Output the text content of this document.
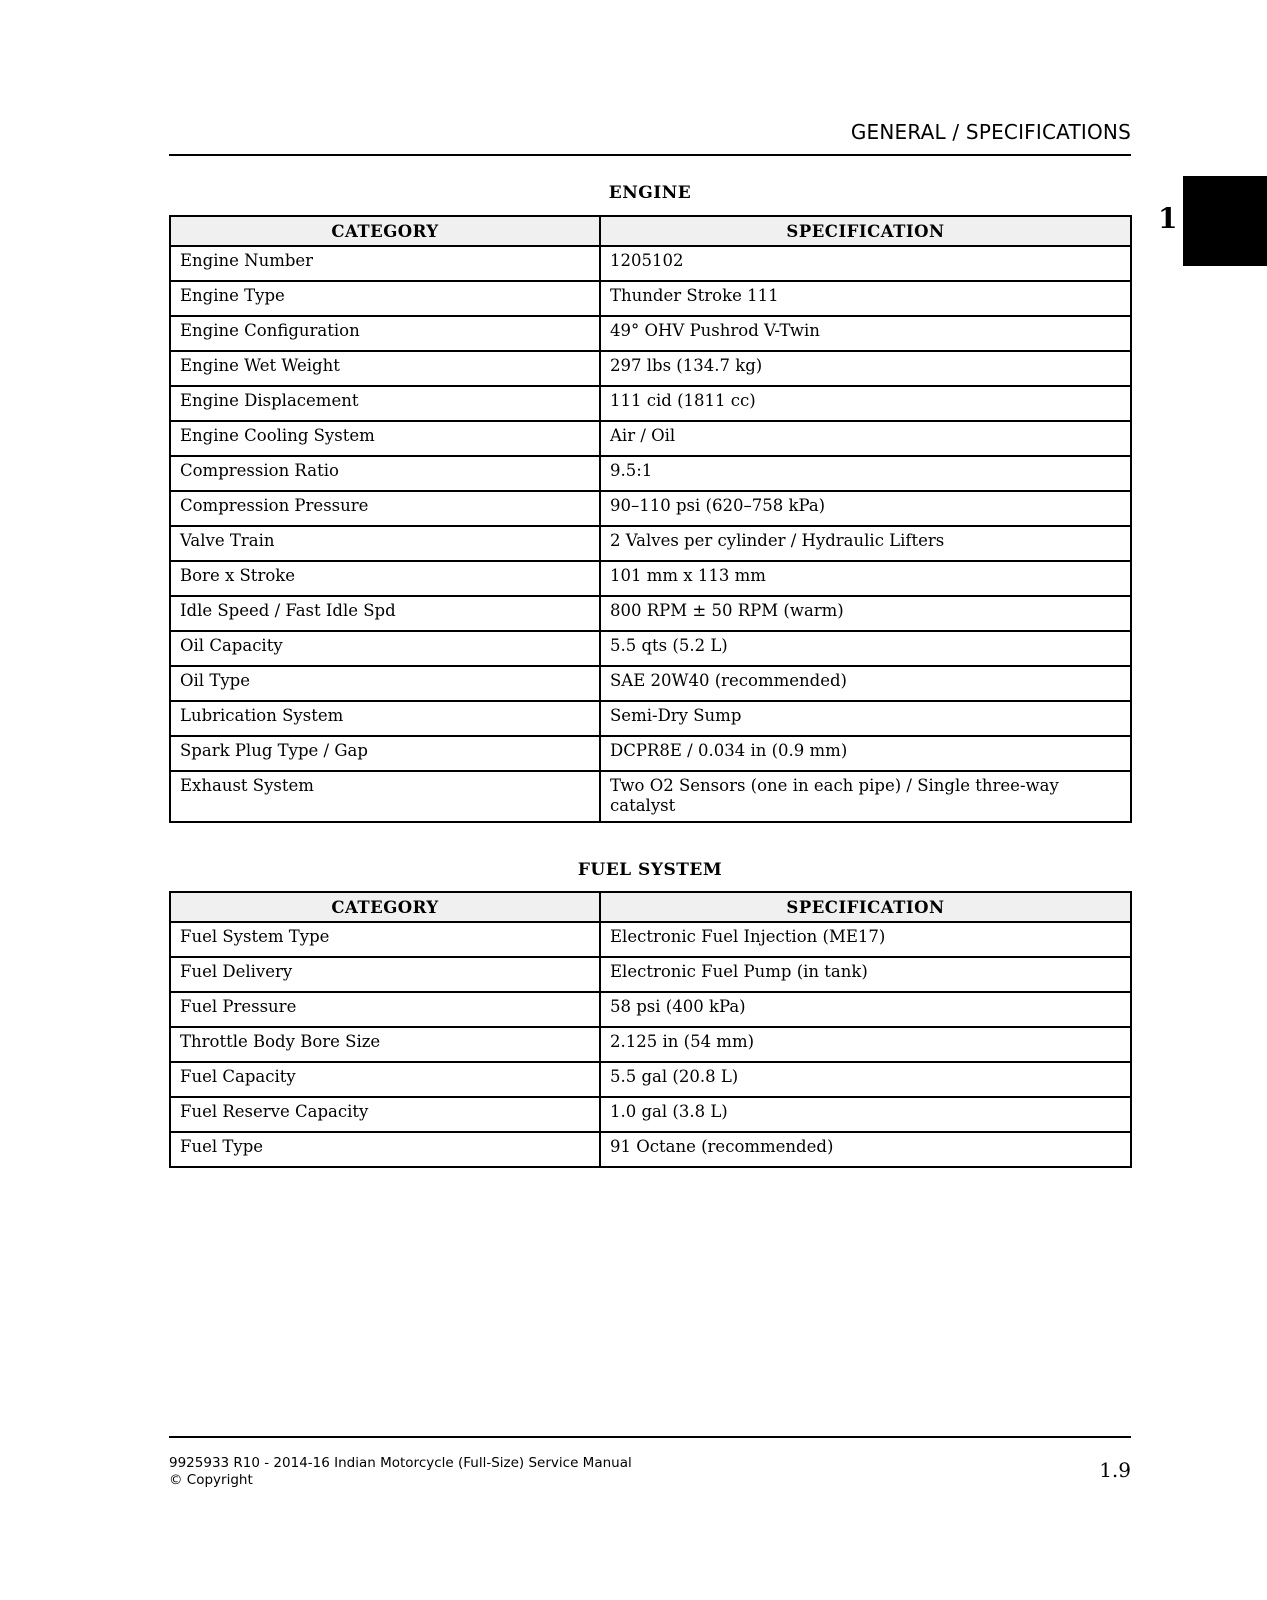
GENERAL / SPECIFICATIONS
1
ENGINE
CATEGORY	SPECIFICATION
Engine Number	1205102
Engine Type	Thunder Stroke 111
Engine Configuration	49° OHV Pushrod V-Twin
Engine Wet Weight	297 lbs (134.7 kg)
Engine Displacement	111 cid (1811 cc)
Engine Cooling System	Air / Oil
Compression Ratio	9.5:1
Compression Pressure	90–110 psi (620–758 kPa)
Valve Train	2 Valves per cylinder / Hydraulic Lifters
Bore x Stroke	101 mm x 113 mm
Idle Speed / Fast Idle Spd	800 RPM ± 50 RPM (warm)
Oil Capacity	5.5 qts (5.2 L)
Oil Type	SAE 20W40 (recommended)
Lubrication System	Semi-Dry Sump
Spark Plug Type / Gap	DCPR8E / 0.034 in (0.9 mm)
Exhaust System	Two O2 Sensors (one in each pipe) / Single three-way catalyst
FUEL SYSTEM
CATEGORY	SPECIFICATION
Fuel System Type	Electronic Fuel Injection (ME17)
Fuel Delivery	Electronic Fuel Pump (in tank)
Fuel Pressure	58 psi (400 kPa)
Throttle Body Bore Size	2.125 in (54 mm)
Fuel Capacity	5.5 gal (20.8 L)
Fuel Reserve Capacity	1.0 gal (3.8 L)
Fuel Type	91 Octane (recommended)
9925933 R10 - 2014-16 Indian Motorcycle (Full-Size) Service Manual
© Copyright	1.9
